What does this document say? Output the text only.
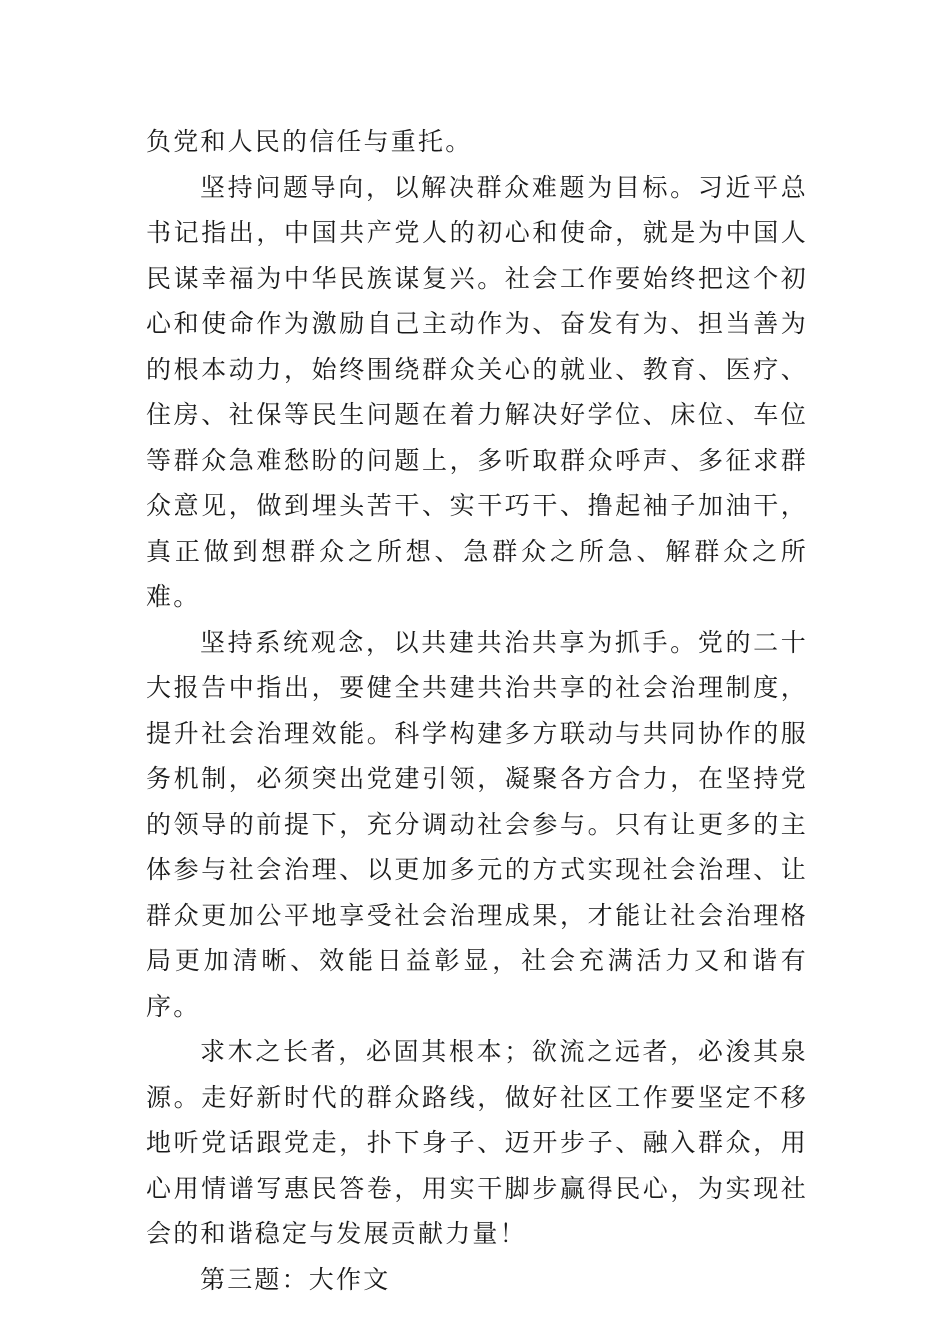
负党和人民的信任与重托。

坚持问题导向，以解决群众难题为目标。习近平总书记指出，中国共产党人的初心和使命，就是为中国人民谋幸福为中华民族谋复兴。社会工作要始终把这个初心和使命作为激励自己主动作为、奋发有为、担当善为的根本动力，始终围绕群众关心的就业、教育、医疗、住房、社保等民生问题在着力解决好学位、床位、车位等群众急难愁盼的问题上，多听取群众呼声、多征求群众意见，做到埋头苦干、实干巧干、撸起袖子加油干，真正做到想群众之所想、急群众之所急、解群众之所难。

坚持系统观念，以共建共治共享为抓手。党的二十大报告中指出，要健全共建共治共享的社会治理制度，提升社会治理效能。科学构建多方联动与共同协作的服务机制，必须突出党建引领，凝聚各方合力，在坚持党的领导的前提下，充分调动社会参与。只有让更多的主体参与社会治理、以更加多元的方式实现社会治理、让群众更加公平地享受社会治理成果，才能让社会治理格局更加清晰、效能日益彰显，社会充满活力又和谐有序。

求木之长者，必固其根本；欲流之远者，必浚其泉源。走好新时代的群众路线，做好社区工作要坚定不移地听党话跟党走，扑下身子、迈开步子、融入群众，用心用情谱写惠民答卷，用实干脚步赢得民心，为实现社会的和谐稳定与发展贡献力量！

第三题：大作文
